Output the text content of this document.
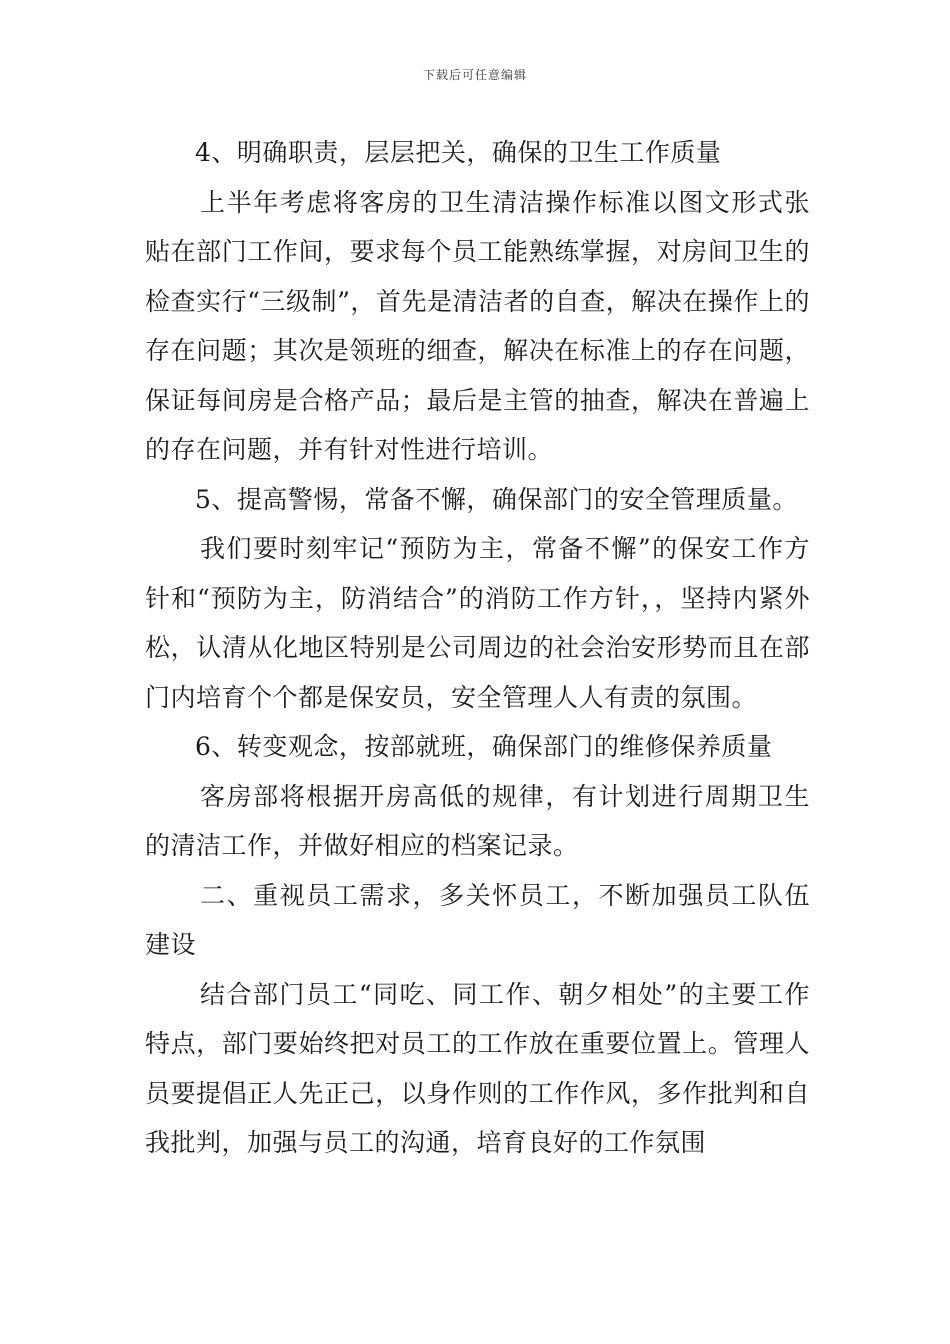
下载后可任意编辑

4、明确职责，层层把关，确保的卫生工作质量

上半年考虑将客房的卫生清洁操作标准以图文形式张贴在部门工作间，要求每个员工能熟练掌握，对房间卫生的检查实行“三级制”，首先是清洁者的自查，解决在操作上的存在问题；其次是领班的细查，解决在标准上的存在问题，保证每间房是合格产品；最后是主管的抽查，解决在普遍上的存在问题，并有针对性进行培训。

5、提高警惕，常备不懈，确保部门的安全管理质量。

我们要时刻牢记“预防为主，常备不懈”的保安工作方针和“预防为主，防消结合”的消防工作方针，，坚持内紧外松，认清从化地区特别是公司周边的社会治安形势而且在部门内培育个个都是保安员，安全管理人人有责的氛围。

6、转变观念，按部就班，确保部门的维修保养质量

客房部将根据开房高低的规律，有计划进行周期卫生的清洁工作，并做好相应的档案记录。

二、重视员工需求，多关怀员工，不断加强员工队伍建设

结合部门员工“同吃、同工作、朝夕相处”的主要工作特点，部门要始终把对员工的工作放在重要位置上。管理人员要提倡正人先正己，以身作则的工作作风，多作批判和自我批判，加强与员工的沟通，培育良好的工作氛围
